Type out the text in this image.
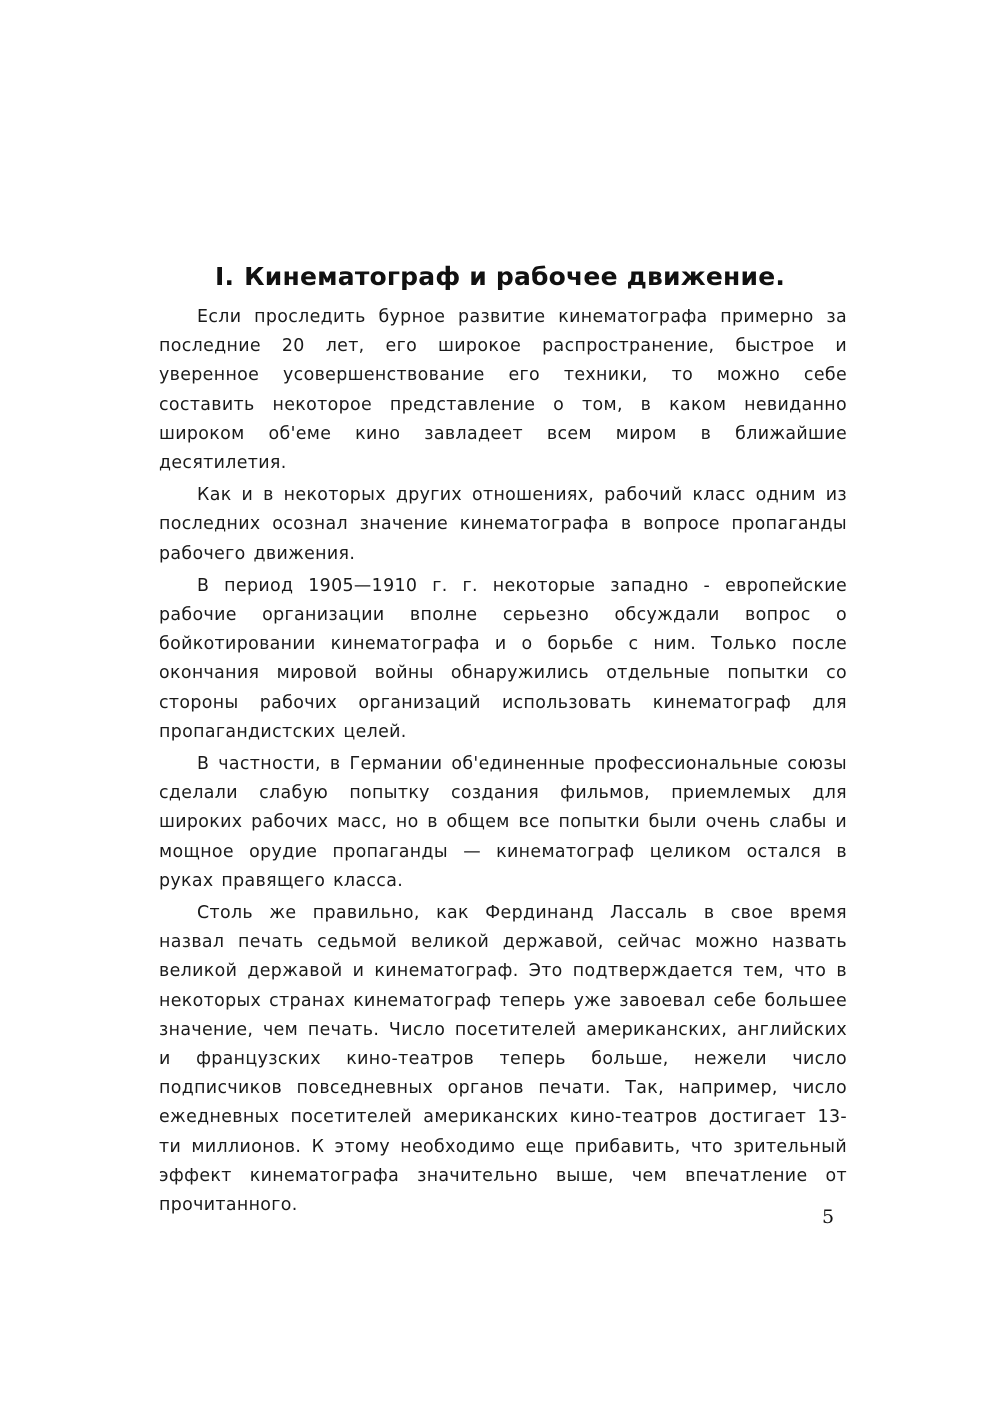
I. Кинематограф и рабочее движение.

Если проследить бурное развитие кинематографа примерно за последние 20 лет, его широкое распространение, быстрое и уверенное усовершенствование его техники, то можно себе составить некоторое представление о том, в каком невиданно широком об'еме кино завладеет всем миром в ближайшие десятилетия.

Как и в некоторых других отношениях, рабочий класс одним из последних осознал значение кинематографа в вопросе пропаганды рабочего движения.

В период 1905—1910 г. г. некоторые западно - европейские рабочие организации вполне серьезно обсуждали вопрос о бойкотировании кинематографа и о борьбе с ним. Только после окончания мировой войны обнаружились отдельные попытки со стороны рабочих организаций использовать кинематограф для пропагандистских целей.

В частности, в Германии об'единенные профессиональные союзы сделали слабую попытку создания фильмов, приемлемых для широких рабочих масс, но в общем все попытки были очень слабы и мощное орудие пропаганды — кинематограф целиком остался в руках правящего класса.

Столь же правильно, как Фердинанд Лассаль в свое время назвал печать седьмой великой державой, сейчас можно назвать великой державой и кинематограф. Это подтверждается тем, что в некоторых странах кинематограф теперь уже завоевал себе большее значение, чем печать. Число посетителей американских, английских и французских кино-театров теперь больше, нежели число подписчиков повседневных органов печати. Так, например, число ежедневных посетителей американских кино-театров достигает 13-ти миллионов. К этому необходимо еще прибавить, что зрительный эффект кинематографа значительно выше, чем впечатление от прочитанного.

5
